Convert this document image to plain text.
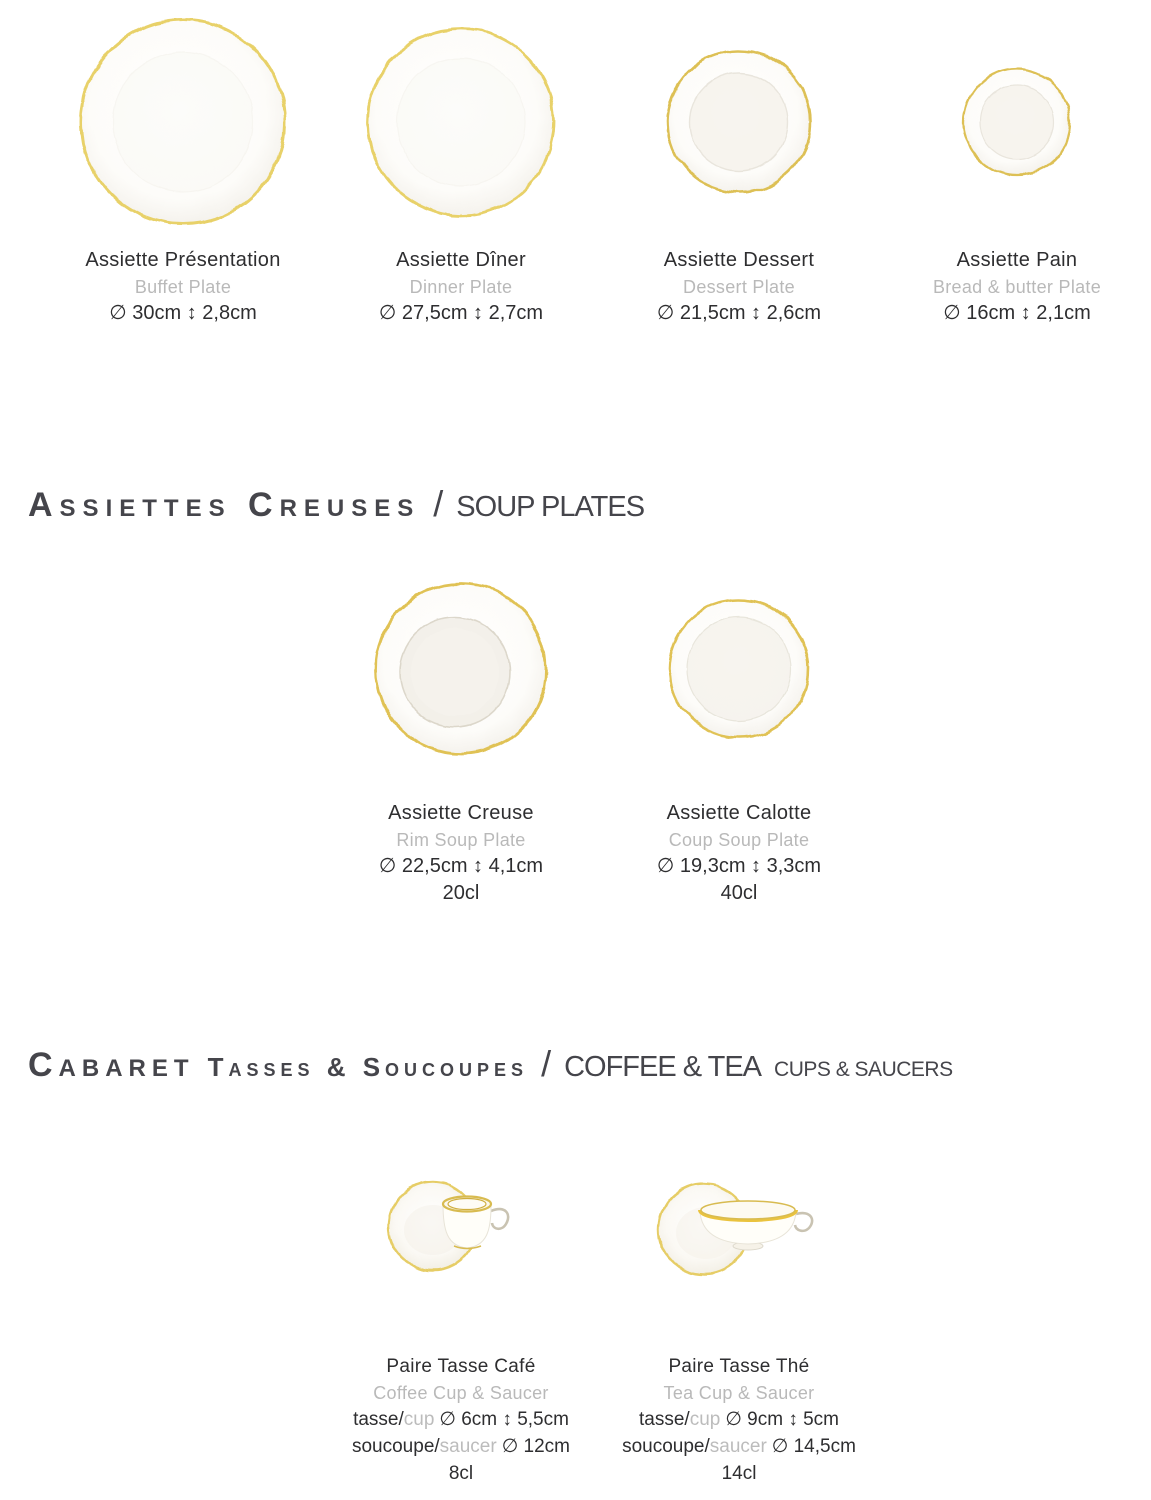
Assiette Présentation
Buffet Plate
∅ 30cm ↕ 2,8cm
Assiette Dîner
Dinner Plate
∅ 27,5cm ↕ 2,7cm
Assiette Dessert
Dessert Plate
∅ 21,5cm ↕ 2,6cm
Assiette Pain
Bread & butter Plate
∅ 16cm ↕ 2,1cm
Assiettes Creuses / SOUP PLATES
Assiette Creuse
Rim Soup Plate
∅ 22,5cm ↕ 4,1cm
20cl
Assiette Calotte
Coup Soup Plate
∅ 19,3cm ↕ 3,3cm
40cl
Cabaret Tasses & Soucoupes / COFFEE & TEA CUPS & SAUCERS
Paire Tasse Café
Coffee Cup & Saucer
tasse/cup ∅ 6cm ↕ 5,5cm
soucoupe/saucer ∅ 12cm
8cl
Paire Tasse Thé
Tea Cup & Saucer
tasse/cup ∅ 9cm ↕ 5cm
soucoupe/saucer ∅ 14,5cm
14cl
